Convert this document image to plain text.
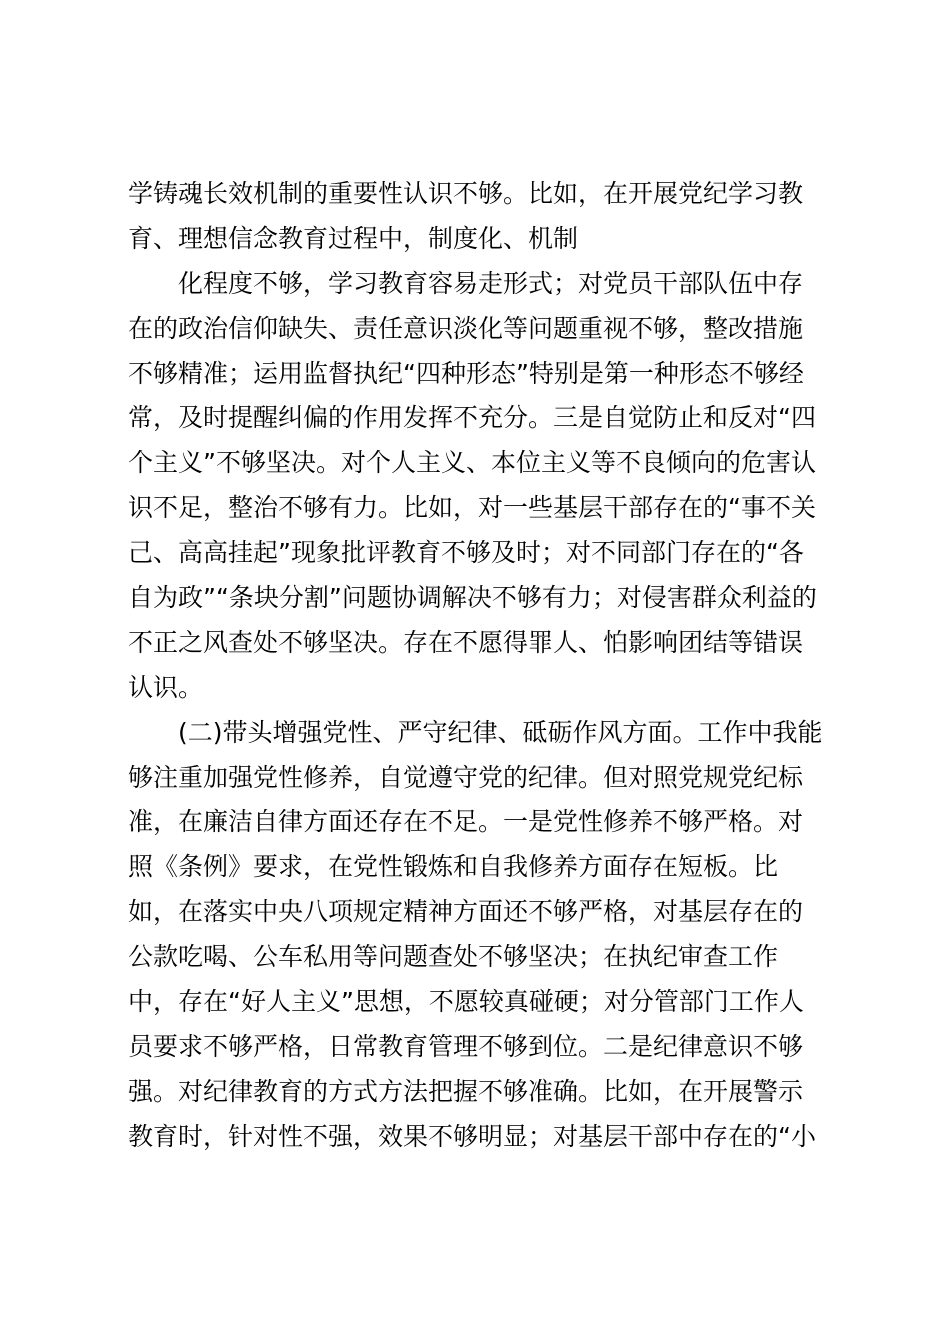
学铸魂长效机制的重要性认识不够。比如，在开展党纪学习教
育、理想信念教育过程中，制度化、机制
化程度不够，学习教育容易走形式；对党员干部队伍中存
在的政治信仰缺失、责任意识淡化等问题重视不够，整改措施
不够精准；运用监督执纪“四种形态”特别是第一种形态不够经
常，及时提醒纠偏的作用发挥不充分。三是自觉防止和反对“四
个主义”不够坚决。对个人主义、本位主义等不良倾向的危害认
识不足，整治不够有力。比如，对一些基层干部存在的“事不关
己、高高挂起”现象批评教育不够及时；对不同部门存在的“各
自为政”“条块分割”问题协调解决不够有力；对侵害群众利益的
不正之风查处不够坚决。存在不愿得罪人、怕影响团结等错误
认识。
(二)带头增强党性、严守纪律、砥砺作风方面。工作中我能
够注重加强党性修养，自觉遵守党的纪律。但对照党规党纪标
准，在廉洁自律方面还存在不足。一是党性修养不够严格。对
照《条例》要求，在党性锻炼和自我修养方面存在短板。比
如，在落实中央八项规定精神方面还不够严格，对基层存在的
公款吃喝、公车私用等问题查处不够坚决；在执纪审查工作
中，存在“好人主义”思想，不愿较真碰硬；对分管部门工作人
员要求不够严格，日常教育管理不够到位。二是纪律意识不够
强。对纪律教育的方式方法把握不够准确。比如，在开展警示
教育时，针对性不强，效果不够明显；对基层干部中存在的“小
